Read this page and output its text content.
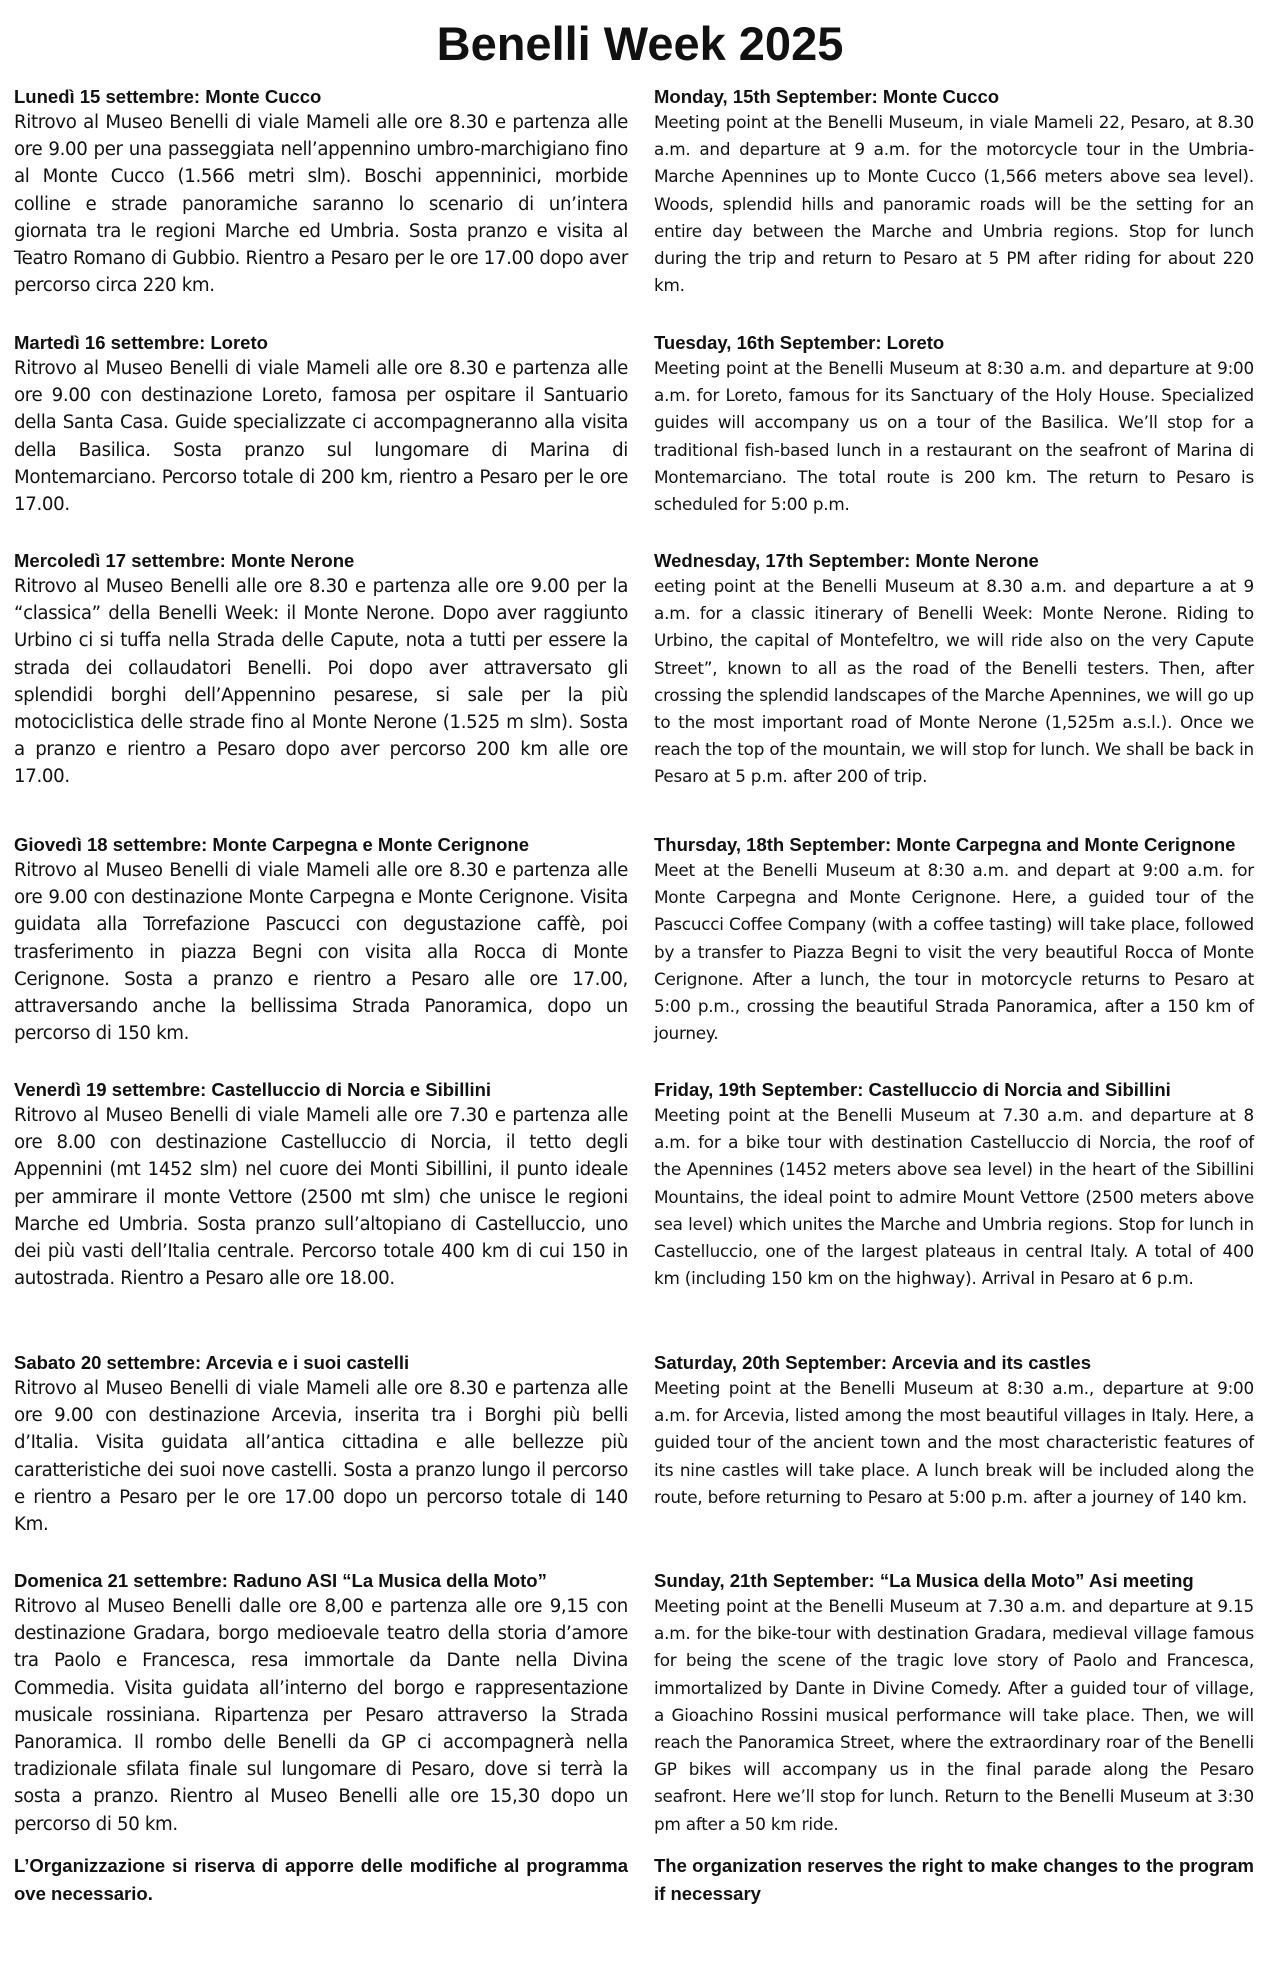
Benelli Week 2025

Lunedì 15 settembre: Monte Cucco

Ritrovo al Museo Benelli di viale Mameli alle ore 8.30 e partenza alle ore 9.00 per una passeggiata nell’appennino umbro-marchigiano fino al Monte Cucco (1.566 metri slm). Boschi appenninici, morbide colline e strade panoramiche saranno lo scenario di un’intera giornata tra le regioni Marche ed Umbria. Sosta pranzo e visita al Teatro Romano di Gubbio. Rientro a Pesaro per le ore 17.00 dopo aver percorso circa 220 km.

Martedì 16 settembre: Loreto

Ritrovo al Museo Benelli di viale Mameli alle ore 8.30 e partenza alle ore 9.00 con destinazione Loreto, famosa per ospitare il Santuario della Santa Casa. Guide specializzate ci accompagneranno alla visita della Basilica. Sosta pranzo sul lungomare di Marina di Montemarciano. Percorso totale di 200 km, rientro a Pesaro per le ore 17.00.

Mercoledì 17 settembre: Monte Nerone

Ritrovo al Museo Benelli alle ore 8.30 e partenza alle ore 9.00 per la “classica” della Benelli Week: il Monte Nerone. Dopo aver raggiunto Urbino ci si tuffa nella Strada delle Capute, nota a tutti per essere la strada dei collaudatori Benelli. Poi dopo aver attraversato gli splendidi borghi dell’Appennino pesarese, si sale per la più motociclistica delle strade fino al Monte Nerone (1.525 m slm). Sosta a pranzo e rientro a Pesaro dopo aver percorso 200 km alle ore 17.00.

Giovedì 18 settembre: Monte Carpegna e Monte Cerignone

Ritrovo al Museo Benelli di viale Mameli alle ore 8.30 e partenza alle ore 9.00 con destinazione Monte Carpegna e Monte Cerignone. Visita guidata alla Torrefazione Pascucci con degustazione caffè, poi trasferimento in piazza Begni con visita alla Rocca di Monte Cerignone. Sosta a pranzo e rientro a Pesaro alle ore 17.00, attraversando anche la bellissima Strada Panoramica, dopo un percorso di 150 km.

Venerdì 19 settembre: Castelluccio di Norcia e Sibillini

Ritrovo al Museo Benelli di viale Mameli alle ore 7.30 e partenza alle ore 8.00 con destinazione Castelluccio di Norcia, il tetto degli Appennini (mt 1452 slm) nel cuore dei Monti Sibillini, il punto ideale per ammirare il monte Vettore (2500 mt slm) che unisce le regioni Marche ed Umbria. Sosta pranzo sull’altopiano di Castelluccio, uno dei più vasti dell’Italia centrale. Percorso totale 400 km di cui 150 in autostrada. Rientro a Pesaro alle ore 18.00.

Sabato 20 settembre: Arcevia e i suoi castelli

Ritrovo al Museo Benelli di viale Mameli alle ore 8.30 e partenza alle ore 9.00 con destinazione Arcevia, inserita tra i Borghi più belli d’Italia. Visita guidata all’antica cittadina e alle bellezze più caratteristiche dei suoi nove castelli. Sosta a pranzo lungo il percorso e rientro a Pesaro per le ore 17.00 dopo un percorso totale di 140 Km.

Domenica 21 settembre: Raduno ASI “La Musica della Moto”

Ritrovo al Museo Benelli dalle ore 8,00 e partenza alle ore 9,15 con destinazione Gradara, borgo medioevale teatro della storia d’amore tra Paolo e Francesca, resa immortale da Dante nella Divina Commedia. Visita guidata all’interno del borgo e rappresentazione musicale rossiniana. Ripartenza per Pesaro attraverso la Strada Panoramica. Il rombo delle Benelli da GP ci accompagnerà nella tradizionale sfilata finale sul lungomare di Pesaro, dove si terrà la sosta a pranzo. Rientro al Museo Benelli alle ore 15,30 dopo un percorso di 50 km.

L’Organizzazione si riserva di apporre delle modifiche al programma ove necessario.

Monday, 15th September: Monte Cucco

Meeting point at the Benelli Museum, in viale Mameli 22, Pesaro, at 8.30 a.m. and departure at 9 a.m. for the motorcycle tour in the Umbria-Marche Apennines up to Monte Cucco (1,566 meters above sea level). Woods, splendid hills and panoramic roads will be the setting for an entire day between the Marche and Umbria regions. Stop for lunch during the trip and return to Pesaro at 5 PM after riding for about 220 km.

Tuesday, 16th September: Loreto

Meeting point at the Benelli Museum at 8:30 a.m. and departure at 9:00 a.m. for Loreto, famous for its Sanctuary of the Holy House. Specialized guides will accompany us on a tour of the Basilica. We’ll stop for a traditional fish-based lunch in a restaurant on the seafront of Marina di Montemarciano. The total route is 200 km. The return to Pesaro is scheduled for 5:00 p.m.

Wednesday, 17th September: Monte Nerone

eeting point at the Benelli Museum at 8.30 a.m. and departure a at 9 a.m. for a classic itinerary of Benelli Week: Monte Nerone. Riding to Urbino, the capital of Montefeltro, we will ride also on the very Capute Street”, known to all as the road of the Benelli testers. Then, after crossing the splendid landscapes of the Marche Apennines, we will go up to the most important road of Monte Nerone (1,525m a.s.l.). Once we reach the top of the mountain, we will stop for lunch. We shall be back in Pesaro at 5 p.m. after 200 of trip.

Thursday, 18th September: Monte Carpegna and Monte Cerignone

Meet at the Benelli Museum at 8:30 a.m. and depart at 9:00 a.m. for Monte Carpegna and Monte Cerignone. Here, a guided tour of the Pascucci Coffee Company (with a coffee tasting) will take place, followed by a transfer to Piazza Begni to visit the very beautiful Rocca of Monte Cerignone. After a lunch, the tour in motorcycle returns to Pesaro at 5:00 p.m., crossing the beautiful Strada Panoramica, after a 150 km of journey.

Friday, 19th September: Castelluccio di Norcia and Sibillini

Meeting point at the Benelli Museum at 7.30 a.m. and departure at 8 a.m. for a bike tour with destination Castelluccio di Norcia, the roof of the Apennines (1452 meters above sea level) in the heart of the Sibillini Mountains, the ideal point to admire Mount Vettore (2500 meters above sea level) which unites the Marche and Umbria regions. Stop for lunch in Castelluccio, one of the largest plateaus in central Italy. A total of 400 km (including 150 km on the highway). Arrival in Pesaro at 6 p.m.

Saturday, 20th September: Arcevia and its castles

Meeting point at the Benelli Museum at 8:30 a.m., departure at 9:00 a.m. for Arcevia, listed among the most beautiful villages in Italy. Here, a guided tour of the ancient town and the most characteristic features of its nine castles will take place. A lunch break will be included along the route, before returning to Pesaro at 5:00 p.m. after a journey of 140 km.

Sunday, 21th September: “La Musica della Moto” Asi meeting

Meeting point at the Benelli Museum at 7.30 a.m. and departure at 9.15 a.m. for the bike-tour with destination Gradara, medieval village famous for being the scene of the tragic love story of Paolo and Francesca, immortalized by Dante in Divine Comedy. After a guided tour of village, a Gioachino Rossini musical performance will take place. Then, we will reach the Panoramica Street, where the extraordinary roar of the Benelli GP bikes will accompany us in the final parade along the Pesaro seafront. Here we’ll stop for lunch. Return to the Benelli Museum at 3:30 pm after a 50 km ride.

The organization reserves the right to make changes to the program if necessary
